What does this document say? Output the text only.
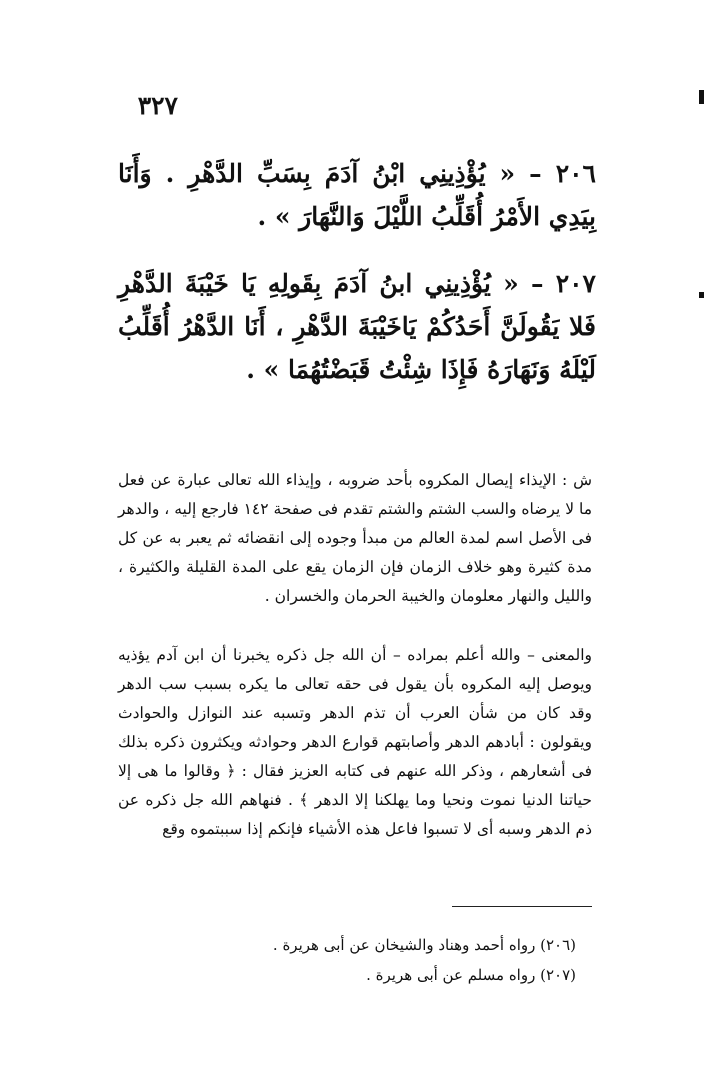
٣٢٧
٢٠٦ – « يُؤْذِينِي ابْنُ آدَمَ بِسَبِّ الدَّهْرِ . وَأَنَا بِيَدِي الأَمْرُ أُقَلِّبُ اللَّيْلَ وَالنَّهَارَ » .
٢٠٧ – « يُؤْذِينِي ابنُ آدَمَ بِقَولِهِ يَا خَيْبَةَ الدَّهْرِ فَلا يَقُولَنَّ أَحَدُكُمْ يَاخَيْبَةَ الدَّهْرِ ، أَنَا الدَّهْرُ أُقَلِّبُ لَيْلَهُ وَنَهَارَهُ فَإِذَا شِئْتُ قَبَضْتُهُمَا » .

ش : الإيذاء إيصال المكروه بأحد ضروبه ، وإيذاء الله تعالى عبارة عن فعل ما لا يرضاه والسب الشتم والشتم تقدم فى صفحة ١٤٢ فارجع إليه ، والدهر فى الأصل اسم لمدة العالم من مبدأ وجوده إلى انقضائه ثم يعبر به عن كل مدة كثيرة وهو خلاف الزمان فإن الزمان يقع على المدة القليلة والكثيرة ، والليل والنهار معلومان والخيبة الحرمان والخسران .

والمعنى – والله أعلم بمراده – أن الله جل ذكره يخبرنا أن ابن آدم يؤذيه ويوصل إليه المكروه بأن يقول فى حقه تعالى ما يكره بسبب سب الدهر وقد كان من شأن العرب أن تذم الدهر وتسبه عند النوازل والحوادث ويقولون : أبادهم الدهر وأصابتهم قوارع الدهر وحوادثه ويكثرون ذكره بذلك فى أشعارهم ، وذكر الله عنهم فى كتابه العزيز فقال : ﴿ وقالوا ما هى إلا حياتنا الدنيا نموت ونحيا وما يهلكنا إلا الدهر ﴾ . فنهاهم الله جل ذكره عن ذم الدهر وسبه أى لا تسبوا فاعل هذه الأشياء فإنكم إذا سببتموه وقع

(٢٠٦) رواه أحمد وهناد والشيخان عن أبى هريرة .

(٢٠٧) رواه مسلم عن أبى هريرة .
